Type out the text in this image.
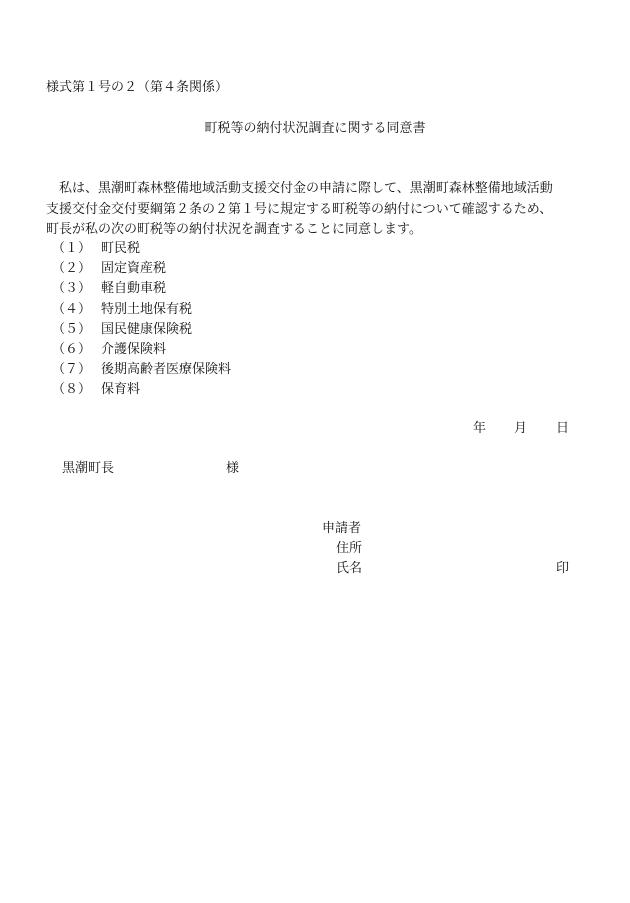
様式第１号の２（第４条関係）
町税等の納付状況調査に関する同意書

　私は、黒潮町森林整備地域活動支援交付金の申請に際して、黒潮町森林整備地域活動

支援交付金交付要綱第２条の２第１号に規定する町税等の納付について確認するため、

町長が私の次の町税等の納付状況を調査することに同意します。

（１） 町民税
（２） 固定資産税
（３） 軽自動車税
（４） 特別土地保有税
（５） 国民健康保険税
（６） 介護保険料
（７） 後期高齢者医療保険料
（８） 保育料
年 月 日
黒潮町長	様
申請者
住所
氏名	印
